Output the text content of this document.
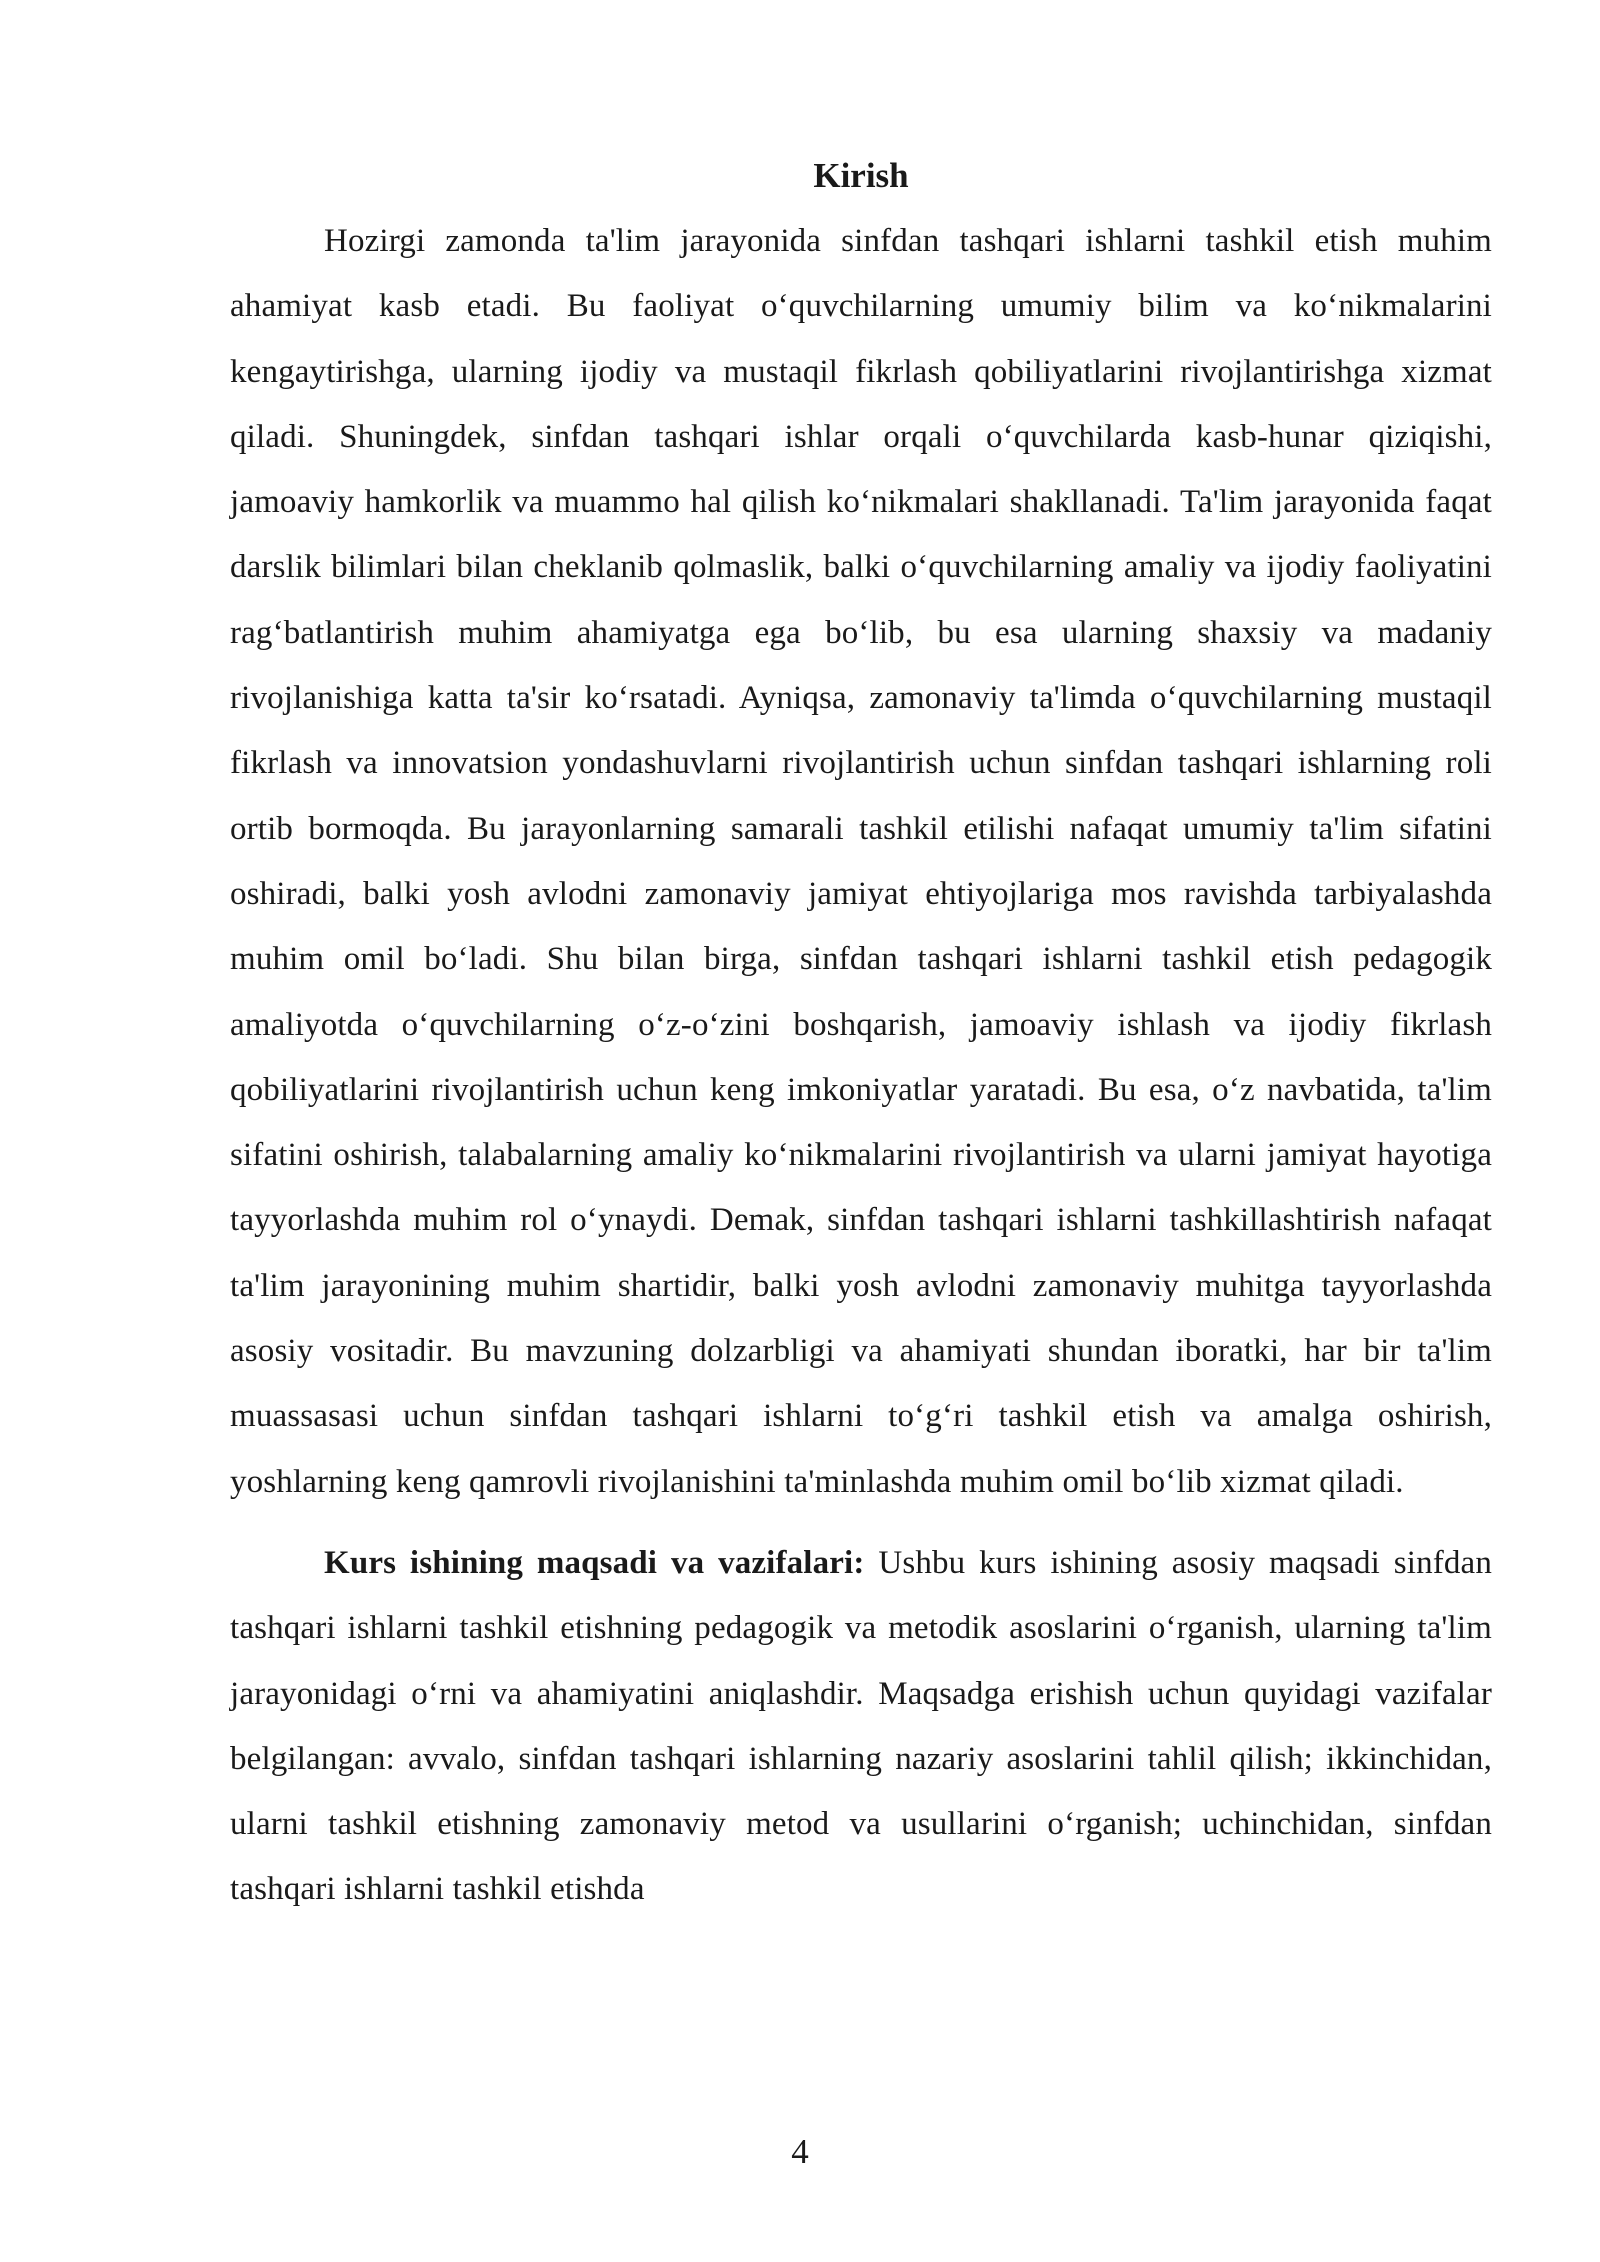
Kirish

Hozirgi zamonda ta'lim jarayonida sinfdan tashqari ishlarni tashkil etish muhim ahamiyat kasb etadi. Bu faoliyat o‘quvchilarning umumiy bilim va ko‘nikmalarini kengaytirishga, ularning ijodiy va mustaqil fikrlash qobiliyatlarini rivojlantirishga xizmat qiladi. Shuningdek, sinfdan tashqari ishlar orqali o‘quvchilarda kasb-hunar qiziqishi, jamoaviy hamkorlik va muammo hal qilish ko‘nikmalari shakllanadi. Ta'lim jarayonida faqat darslik bilimlari bilan cheklanib qolmaslik, balki o‘quvchilarning amaliy va ijodiy faoliyatini rag‘batlantirish muhim ahamiyatga ega bo‘lib, bu esa ularning shaxsiy va madaniy rivojlanishiga katta ta'sir ko‘rsatadi. Ayniqsa, zamonaviy ta'limda o‘quvchilarning mustaqil fikrlash va innovatsion yondashuvlarni rivojlantirish uchun sinfdan tashqari ishlarning roli ortib bormoqda. Bu jarayonlarning samarali tashkil etilishi nafaqat umumiy ta'lim sifatini oshiradi, balki yosh avlodni zamonaviy jamiyat ehtiyojlariga mos ravishda tarbiyalashda muhim omil bo‘ladi. Shu bilan birga, sinfdan tashqari ishlarni tashkil etish pedagogik amaliyotda o‘quvchilarning o‘z-o‘zini boshqarish, jamoaviy ishlash va ijodiy fikrlash qobiliyatlarini rivojlantirish uchun keng imkoniyatlar yaratadi. Bu esa, o‘z navbatida, ta'lim sifatini oshirish, talabalarning amaliy ko‘nikmalarini rivojlantirish va ularni jamiyat hayotiga tayyorlashda muhim rol o‘ynaydi. Demak, sinfdan tashqari ishlarni tashkillashtirish nafaqat ta'lim jarayonining muhim shartidir, balki yosh avlodni zamonaviy muhitga tayyorlashda asosiy vositadir. Bu mavzuning dolzarbligi va ahamiyati shundan iboratki, har bir ta'lim muassasasi uchun sinfdan tashqari ishlarni to‘g‘ri tashkil etish va amalga oshirish, yoshlarning keng qamrovli rivojlanishini ta'minlashda muhim omil bo‘lib xizmat qiladi.

Kurs ishining maqsadi va vazifalari: Ushbu kurs ishining asosiy maqsadi sinfdan tashqari ishlarni tashkil etishning pedagogik va metodik asoslarini o‘rganish, ularning ta'lim jarayonidagi o‘rni va ahamiyatini aniqlashdir. Maqsadga erishish uchun quyidagi vazifalar belgilangan: avvalo, sinfdan tashqari ishlarning nazariy asoslarini tahlil qilish; ikkinchidan, ularni tashkil etishning zamonaviy metod va usullarini o‘rganish; uchinchidan, sinfdan tashqari ishlarni tashkil etishda

4
